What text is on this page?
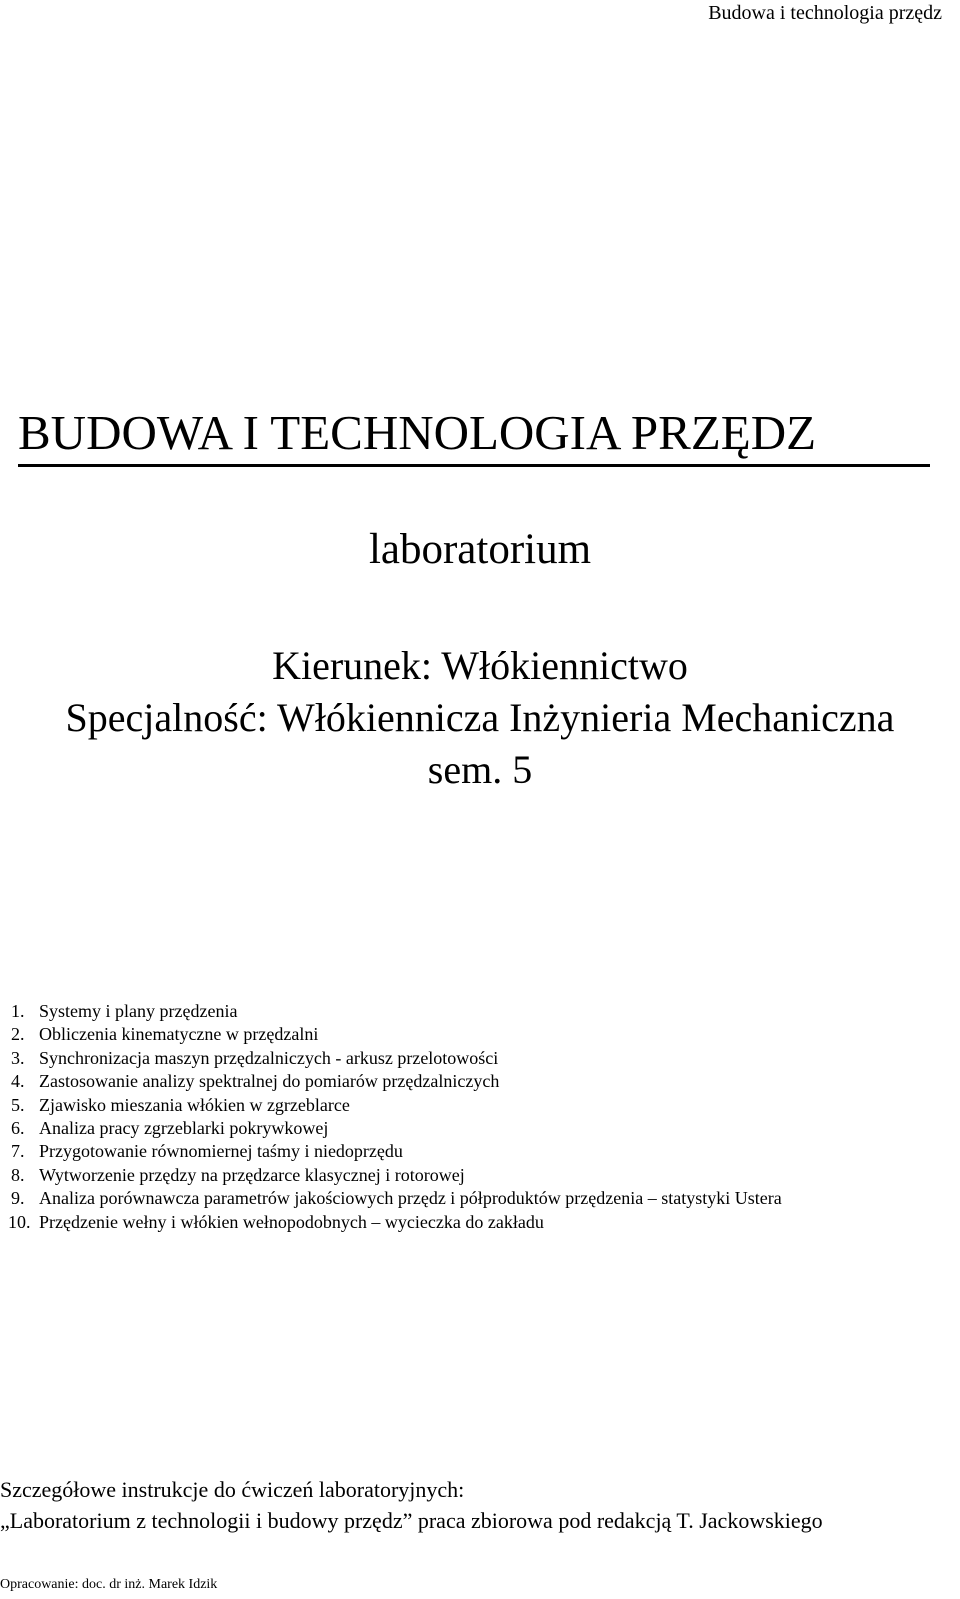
Budowa i technologia przędz
BUDOWA I TECHNOLOGIA PRZĘDZ
laboratorium
Kierunek: Włókiennictwo
Specjalność: Włókiennicza Inżynieria Mechaniczna
sem. 5
1. Systemy i plany przędzenia
2. Obliczenia kinematyczne w przędzalni
3. Synchronizacja maszyn przędzalniczych - arkusz przelotowości
4. Zastosowanie analizy spektralnej do pomiarów przędzalniczych
5. Zjawisko mieszania włókien w zgrzeblarce
6. Analiza pracy zgrzeblarki pokrywkowej
7. Przygotowanie równomiernej taśmy i niedoprzędu
8. Wytworzenie przędzy na przędzarce klasycznej i rotorowej
9. Analiza porównawcza parametrów jakościowych przędz i półproduktów przędzenia – statystyki Ustera
10. Przędzenie wełny i włókien wełnopodobnych – wycieczka do zakładu
Szczegółowe instrukcje do ćwiczeń laboratoryjnych:
„Laboratorium z technologii i budowy przędz” praca zbiorowa pod redakcją T. Jackowskiego
Opracowanie: doc. dr inż. Marek Idzik
